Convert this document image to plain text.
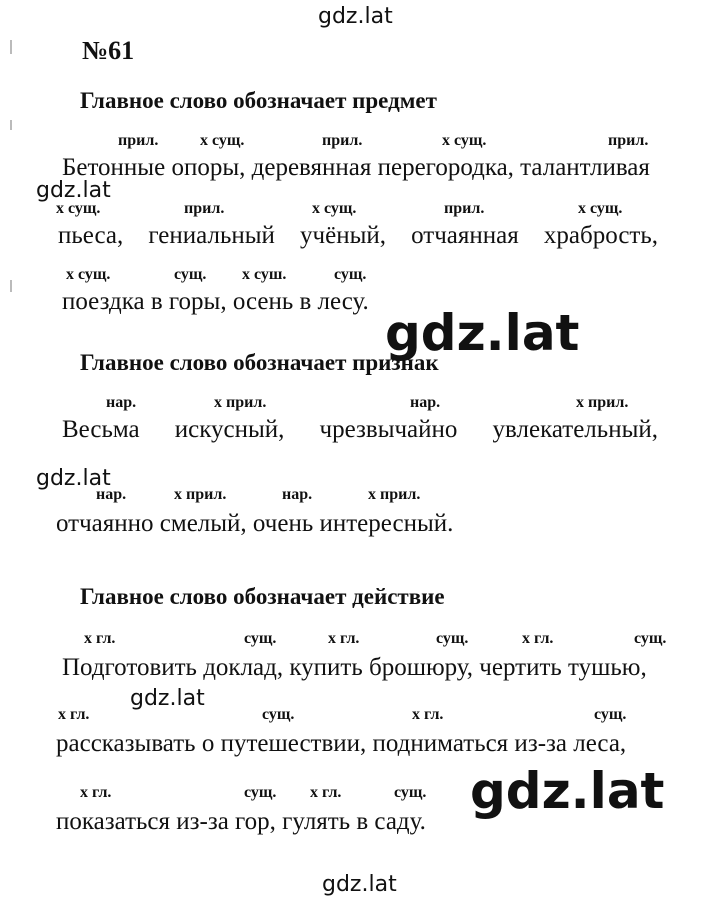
gdz.lat
gdz.lat
gdz.lat
gdz.lat
gdz.lat
gdz.lat
gdz.lat
№61
Главное слово обозначает предмет
прил.	х сущ.	прил.	х сущ.	прил.
Бетонные опоры, деревянная перегородка, талантливая
х сущ.	прил.	х сущ.	прил.	х сущ.
пьеса, гениальный учёный, отчаянная храбрость,
х сущ.	сущ. х суш.	сущ.
поездка в горы, осень в лесу.
Главное слово обозначает признак
нар.	х прил.	нар.	х прил.
Весьма искусный, чрезвычайно увлекательный,
нар.	х прил.	нар.	х прил.
отчаянно смелый, очень интересный.
Главное слово обозначает действие
х гл.	сущ.	х гл.	сущ.	х гл.	сущ.
Подготовить доклад, купить брошюру, чертить тушью,
х гл.	сущ.	х гл.	сущ.
рассказывать о путешествии, подниматься из-за леса,
х гл.	сущ. х гл.	сущ.
показаться из-за гор, гулять в саду.
